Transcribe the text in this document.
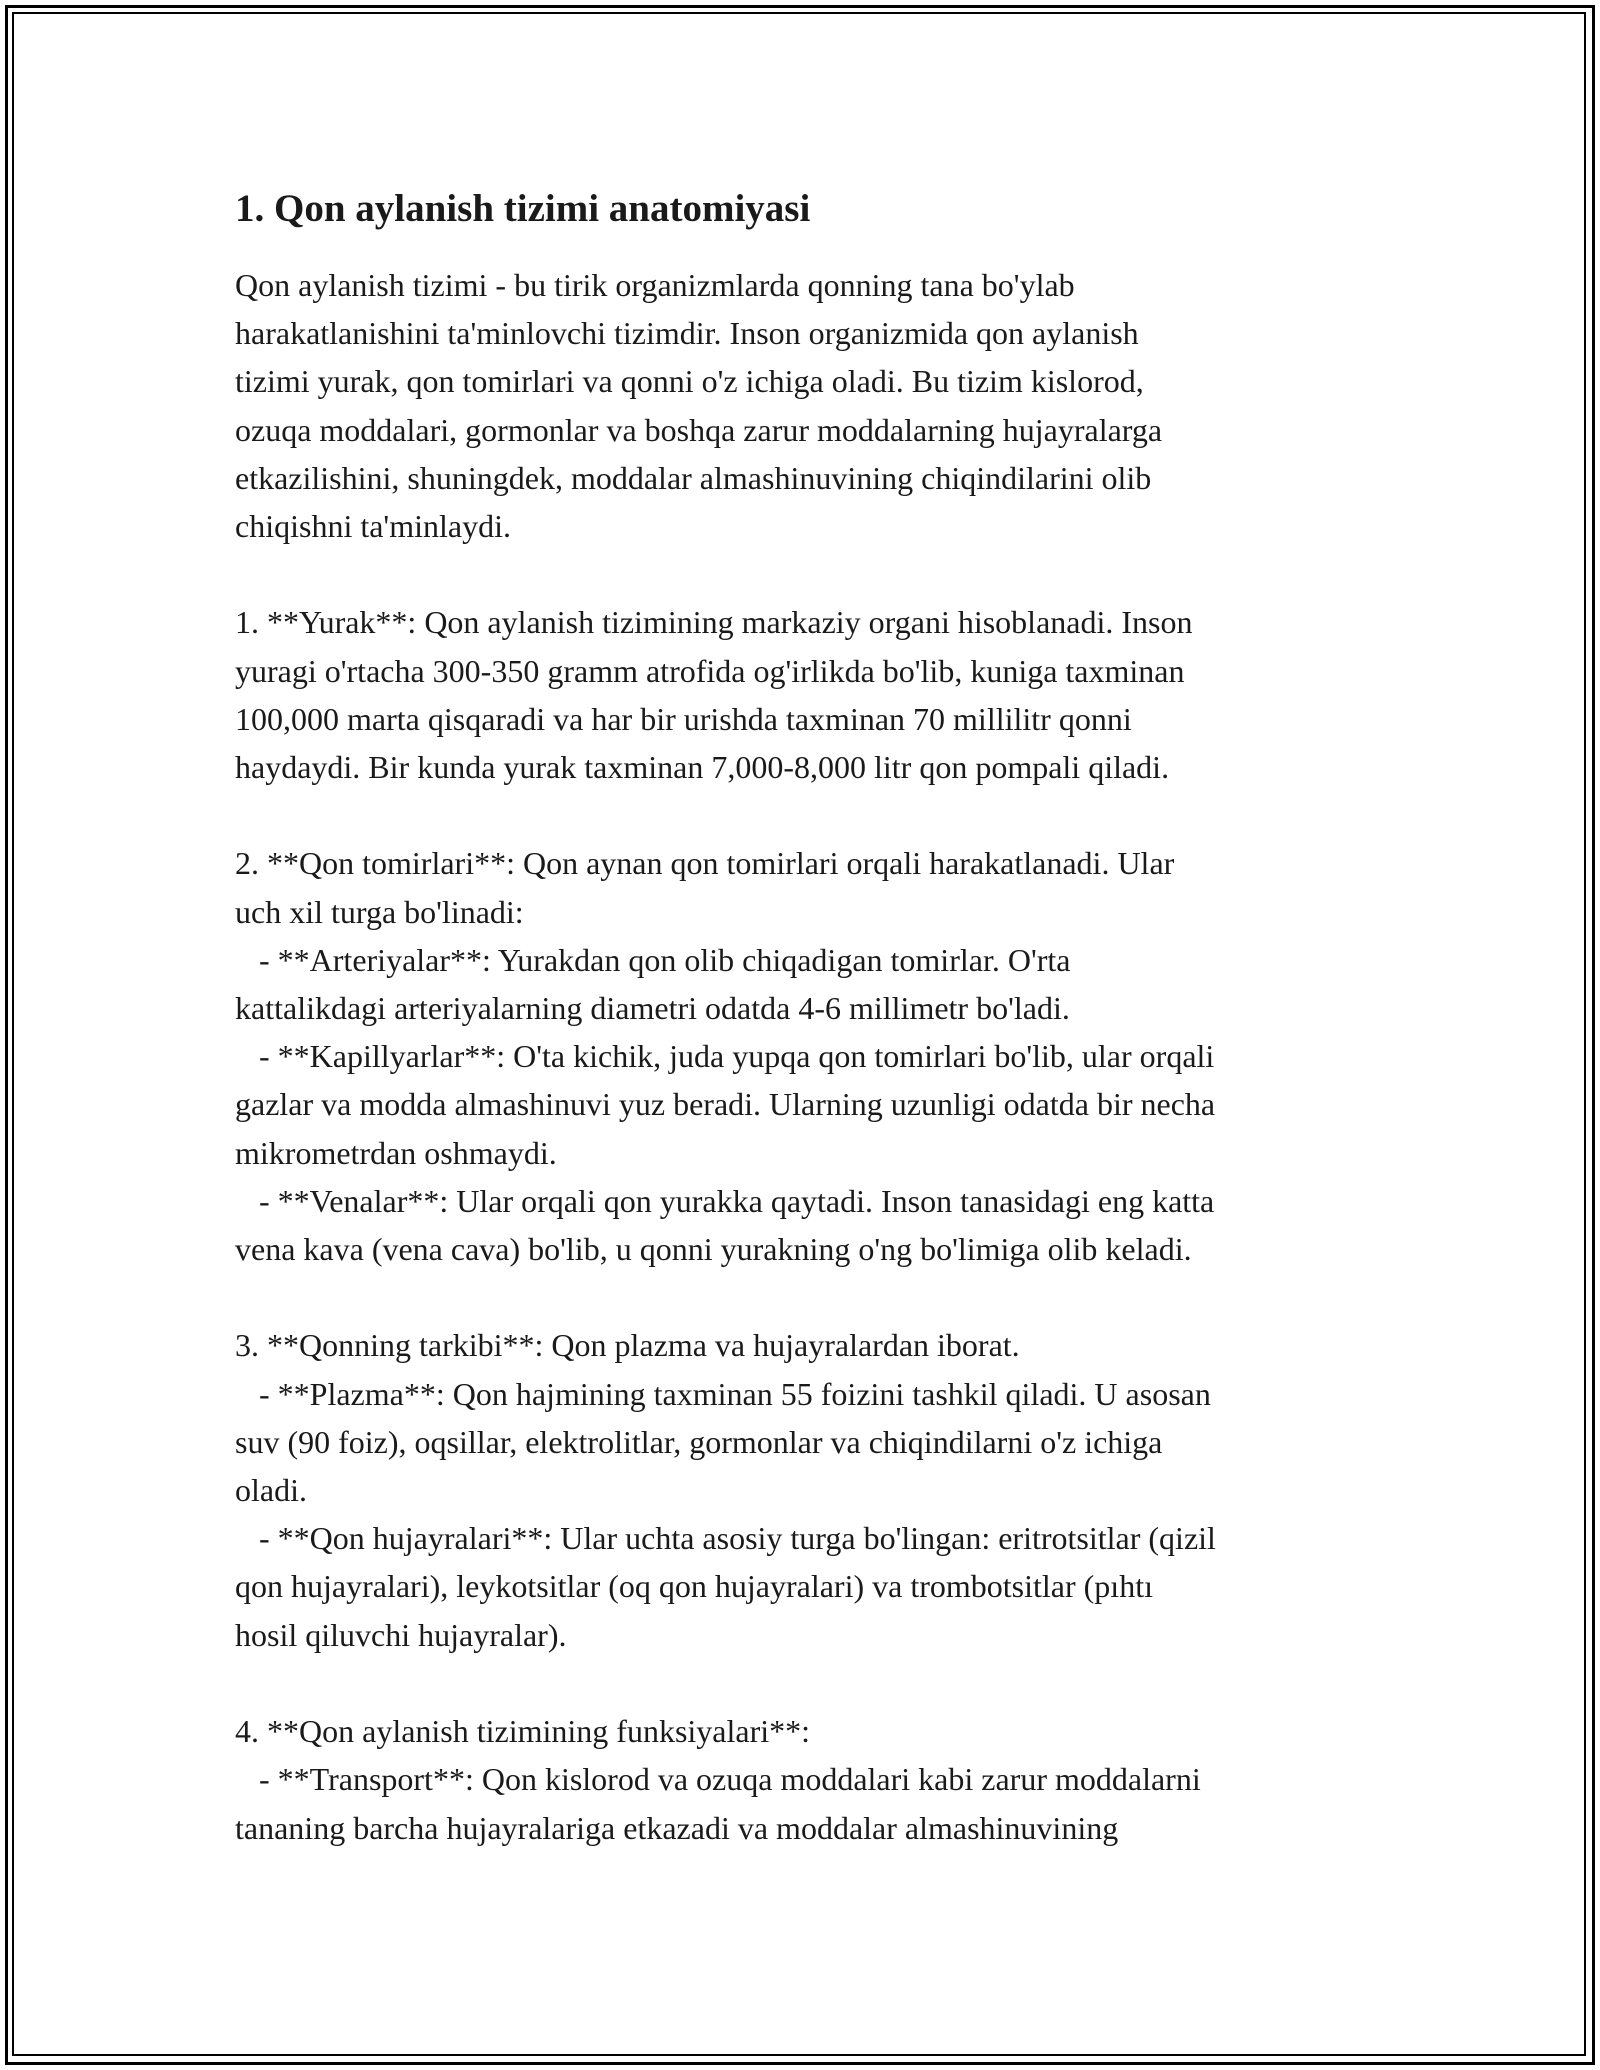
1. Qon aylanish tizimi anatomiyasi
Qon aylanish tizimi - bu tirik organizmlarda qonning tana bo'ylab
harakatlanishini ta'minlovchi tizimdir. Inson organizmida qon aylanish
tizimi yurak, qon tomirlari va qonni o'z ichiga oladi. Bu tizim kislorod,
ozuqa moddalari, gormonlar va boshqa zarur moddalarning hujayralarga
etkazilishini, shuningdek, moddalar almashinuvining chiqindilarini olib
chiqishni ta'minlaydi.

1. **Yurak**: Qon aylanish tizimining markaziy organi hisoblanadi. Inson
yuragi o'rtacha 300-350 gramm atrofida og'irlikda bo'lib, kuniga taxminan
100,000 marta qisqaradi va har bir urishda taxminan 70 millilitr qonni
haydaydi. Bir kunda yurak taxminan 7,000-8,000 litr qon pompali qiladi.

2. **Qon tomirlari**: Qon aynan qon tomirlari orqali harakatlanadi. Ular
uch xil turga bo'linadi:
- **Arteriyalar**: Yurakdan qon olib chiqadigan tomirlar. O'rta
kattalikdagi arteriyalarning diametri odatda 4-6 millimetr bo'ladi.
- **Kapillyarlar**: O'ta kichik, juda yupqa qon tomirlari bo'lib, ular orqali
gazlar va modda almashinuvi yuz beradi. Ularning uzunligi odatda bir necha
mikrometrdan oshmaydi.
- **Venalar**: Ular orqali qon yurakka qaytadi. Inson tanasidagi eng katta
vena kava (vena cava) bo'lib, u qonni yurakning o'ng bo'limiga olib keladi.

3. **Qonning tarkibi**: Qon plazma va hujayralardan iborat.
- **Plazma**: Qon hajmining taxminan 55 foizini tashkil qiladi. U asosan
suv (90 foiz), oqsillar, elektrolitlar, gormonlar va chiqindilarni o'z ichiga
oladi.
- **Qon hujayralari**: Ular uchta asosiy turga bo'lingan: eritrotsitlar (qizil
qon hujayralari), leykotsitlar (oq qon hujayralari) va trombotsitlar (pıhtı
hosil qiluvchi hujayralar).

4. **Qon aylanish tizimining funksiyalari**:
- **Transport**: Qon kislorod va ozuqa moddalari kabi zarur moddalarni
tananing barcha hujayralariga etkazadi va moddalar almashinuvining
